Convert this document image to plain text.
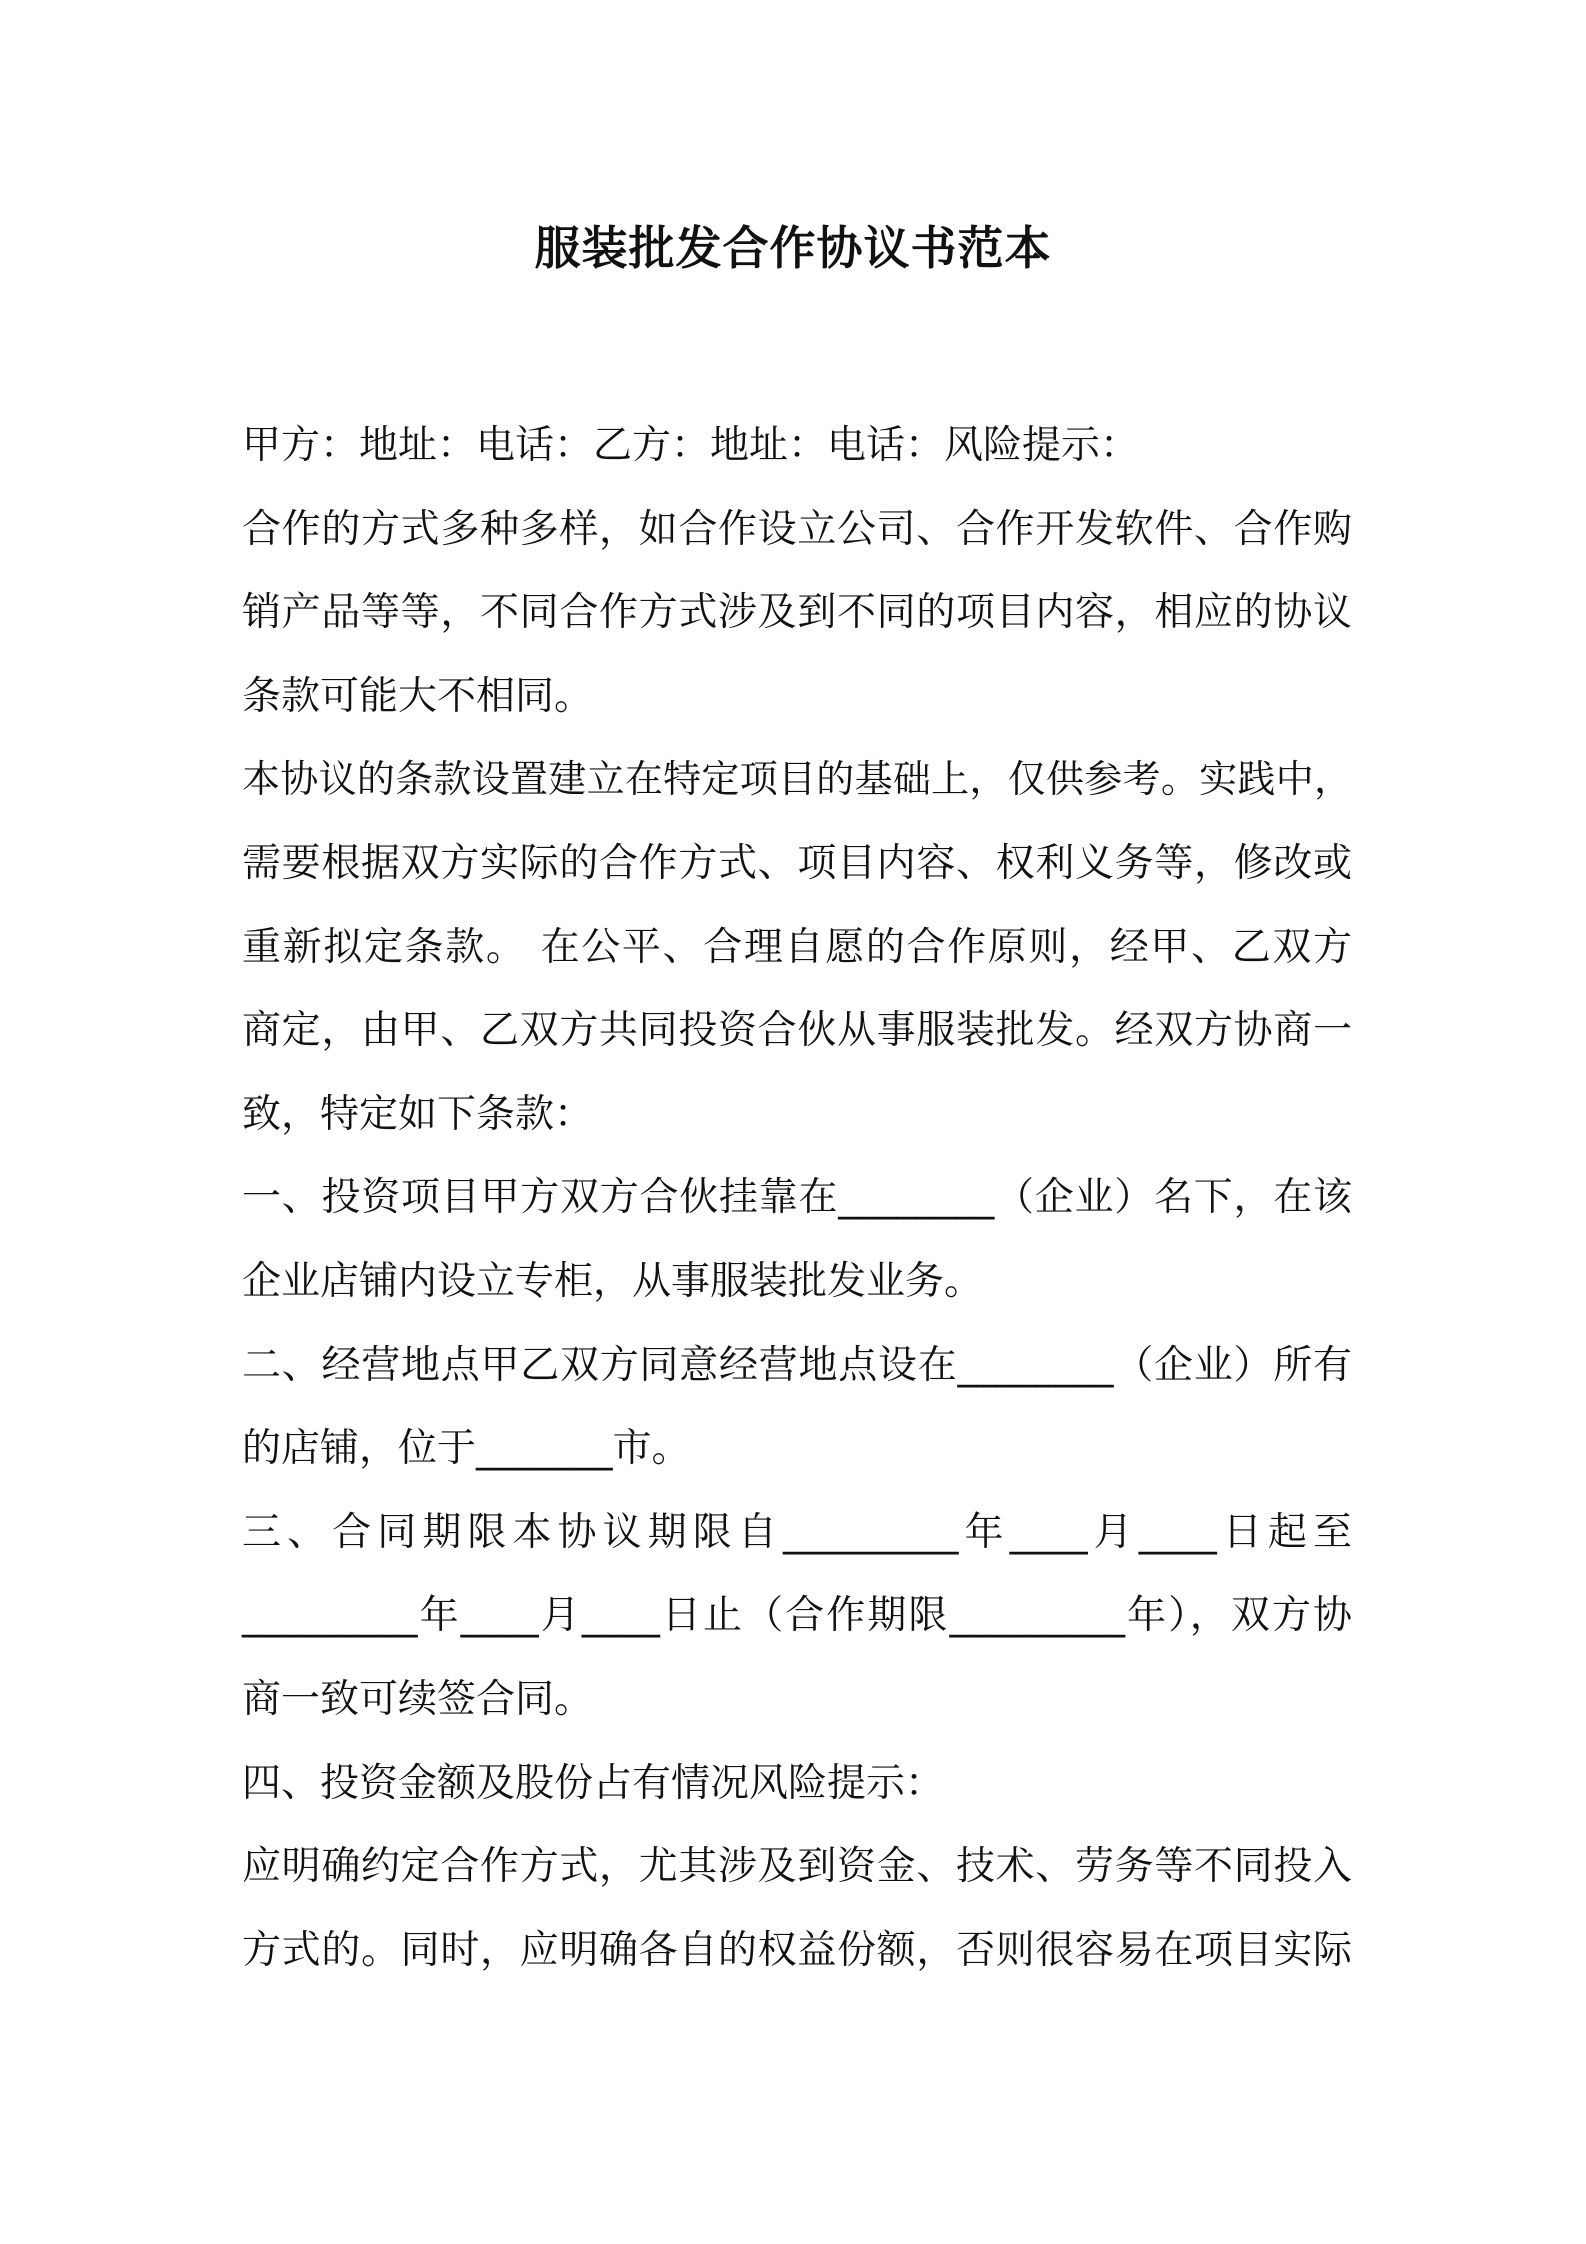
服装批发合作协议书范本
甲方：地址：电话：乙方：地址：电话：风险提示：
合作的方式多种多样，如合作设立公司、合作开发软件、合作购
销产品等等，不同合作方式涉及到不同的项目内容，相应的协议
条款可能大不相同。
本协议的条款设置建立在特定项目的基础上，仅供参考。实践中，
需要根据双方实际的合作方式、项目内容、权利义务等，修改或
重新拟定条款。 在公平、合理自愿的合作原则，经甲、乙双方
商定，由甲、乙双方共同投资合伙从事服装批发。经双方协商一
致，特定如下条款：
一、投资项目甲方双方合伙挂靠在________（企业）名下，在该
企业店铺内设立专柜，从事服装批发业务。
二、经营地点甲乙双方同意经营地点设在________（企业）所有
的店铺，位于_______市。
三、合同期限本协议期限自_________年____月____日起至
_________年____月____日止（合作期限_________年），双方协
商一致可续签合同。
四、投资金额及股份占有情况风险提示：
应明确约定合作方式，尤其涉及到资金、技术、劳务等不同投入
方式的。同时，应明确各自的权益份额，否则很容易在项目实际
